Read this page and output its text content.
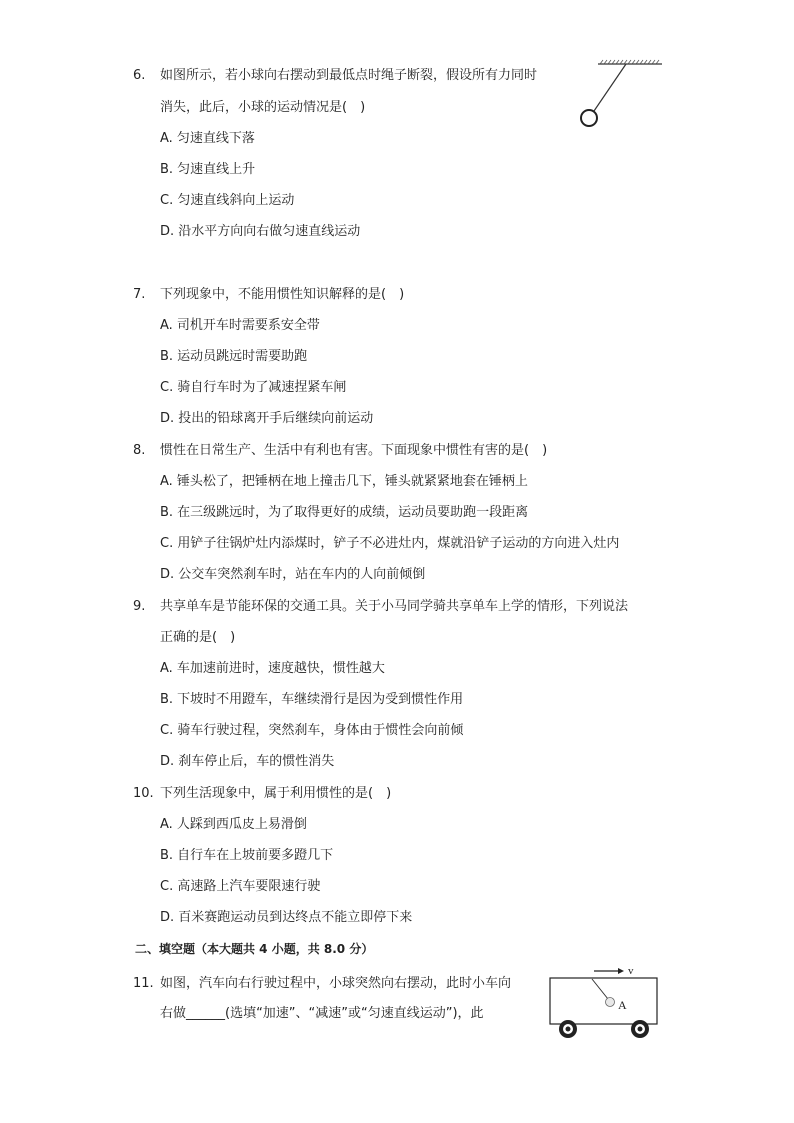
6. 如图所示，若小球向右摆动到最低点时绳子断裂，假设所有力同时
消失，此后，小球的运动情况是(　)
A. 匀速直线下落
B. 匀速直线上升
C. 匀速直线斜向上运动
D. 沿水平方向向右做匀速直线运动
7. 下列现象中，不能用惯性知识解释的是(　)
A. 司机开车时需要系安全带
B. 运动员跳远时需要助跑
C. 骑自行车时为了减速捏紧车闸
D. 投出的铅球离开手后继续向前运动
8. 惯性在日常生产、生活中有利也有害。下面现象中惯性有害的是(　)
A. 锤头松了，把锤柄在地上撞击几下，锤头就紧紧地套在锤柄上
B. 在三级跳远时，为了取得更好的成绩，运动员要助跑一段距离
C. 用铲子往锅炉灶内添煤时，铲子不必进灶内，煤就沿铲子运动的方向进入灶内
D. 公交车突然刹车时，站在车内的人向前倾倒
9. 共享单车是节能环保的交通工具。关于小马同学骑共享单车上学的情形，下列说法
正确的是(　)
A. 车加速前进时，速度越快，惯性越大
B. 下坡时不用蹬车，车继续滑行是因为受到惯性作用
C. 骑车行驶过程，突然刹车，身体由于惯性会向前倾
D. 刹车停止后，车的惯性消失
10. 下列生活现象中，属于利用惯性的是(　)
A. 人踩到西瓜皮上易滑倒
B. 自行车在上坡前要多蹬几下
C. 高速路上汽车要限速行驶
D. 百米赛跑运动员到达终点不能立即停下来
二、填空题（本大题共 4 小题，共 8.0 分）
11. 如图，汽车向右行驶过程中，小球突然向右摆动，此时小车向
右做______(选填“加速”、“减速”或“匀速直线运动”)，此
v
A
